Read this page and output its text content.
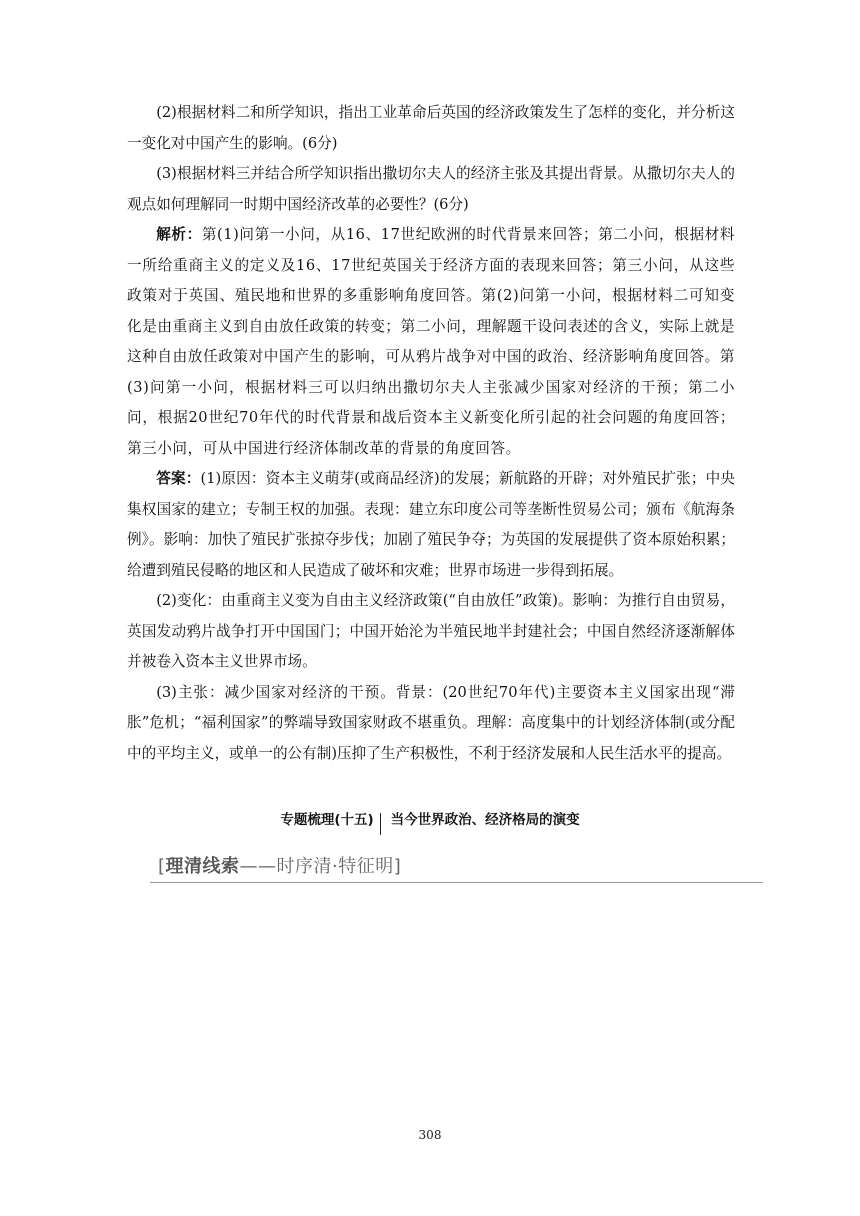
(2)根据材料二和所学知识，指出工业革命后英国的经济政策发生了怎样的变化，并分析这一变化对中国产生的影响。(6分)

(3)根据材料三并结合所学知识指出撒切尔夫人的经济主张及其提出背景。从撒切尔夫人的观点如何理解同一时期中国经济改革的必要性？(6分)

解析：第(1)问第一小问，从16、17世纪欧洲的时代背景来回答；第二小问，根据材料一所给重商主义的定义及16、17世纪英国关于经济方面的表现来回答；第三小问，从这些政策对于英国、殖民地和世界的多重影响角度回答。第(2)问第一小问，根据材料二可知变化是由重商主义到自由放任政策的转变；第二小问，理解题干设问表述的含义，实际上就是这种自由放任政策对中国产生的影响，可从鸦片战争对中国的政治、经济影响角度回答。第(3)问第一小问，根据材料三可以归纳出撒切尔夫人主张减少国家对经济的干预；第二小问，根据20世纪70年代的时代背景和战后资本主义新变化所引起的社会问题的角度回答；第三小问，可从中国进行经济体制改革的背景的角度回答。

答案：(1)原因：资本主义萌芽(或商品经济)的发展；新航路的开辟；对外殖民扩张；中央集权国家的建立；专制王权的加强。表现：建立东印度公司等垄断性贸易公司；颁布《航海条例》。影响：加快了殖民扩张掠夺步伐；加剧了殖民争夺；为英国的发展提供了资本原始积累；给遭到殖民侵略的地区和人民造成了破坏和灾难；世界市场进一步得到拓展。

(2)变化：由重商主义变为自由主义经济政策(“自由放任”政策)。影响：为推行自由贸易，英国发动鸦片战争打开中国国门；中国开始沦为半殖民地半封建社会；中国自然经济逐渐解体并被卷入资本主义世界市场。

(3)主张：减少国家对经济的干预。背景：(20世纪70年代)主要资本主义国家出现“滞胀”危机；“福利国家”的弊端导致国家财政不堪重负。理解：高度集中的计划经济体制(或分配中的平均主义，或单一的公有制)压抑了生产积极性，不利于经济发展和人民生活水平的提高。

专题梳理(十五) 当今世界政治、经济格局的演变
[理清线索——时序清·特征明]
308
